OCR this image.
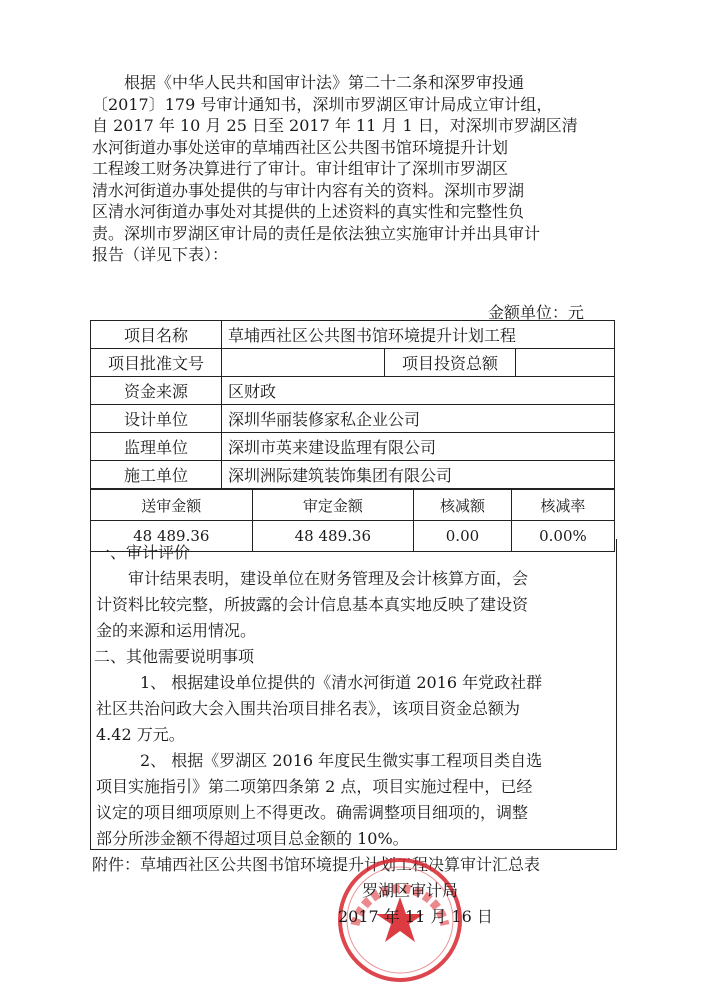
根据《中华人民共和国审计法》第二十二条和深罗审投通
〔2017〕179 号审计通知书，深圳市罗湖区审计局成立审计组，
自 2017 年 10 月 25 日至 2017 年 11 月 1 日，对深圳市罗湖区清
水河街道办事处送审的草埔西社区公共图书馆环境提升计划
工程竣工财务决算进行了审计。审计组审计了深圳市罗湖区
清水河街道办事处提供的与审计内容有关的资料。深圳市罗湖
区清水河街道办事处对其提供的上述资料的真实性和完整性负
责。深圳市罗湖区审计局的责任是依法独立实施审计并出具审计
报告（详见下表）：
金额单位：元
项目名称	草埔西社区公共图书馆环境提升计划工程		
项目批准文号		项目投资总额	
资金来源	区财政		
设计单位	深圳华丽装修家私企业公司		
监理单位	深圳市英来建设监理有限公司		
施工单位	深圳洲际建筑装饰集团有限公司		
送审金额	审定金额	核减额	核减率
48 489.36	48 489.36	0.00	0.00%
一、审计评价
审计结果表明，建设单位在财务管理及会计核算方面，会
计资料比较完整，所披露的会计信息基本真实地反映了建设资
金的来源和运用情况。
二、其他需要说明事项
1、 根据建设单位提供的《清水河街道 2016 年党政社群
社区共治问政大会入围共治项目排名表》，该项目资金总额为
4.42 万元。
2、 根据《罗湖区 2016 年度民生微实事工程项目类自选
项目实施指引》第二项第四条第 2 点，项目实施过程中，已经
议定的项目细项原则上不得更改。确需调整项目细项的，调整
部分所涉金额不得超过项目总金额的 10%。
附件：草埔西社区公共图书馆环境提升计划工程决算审计汇总表
罗湖区审计局
2017 年 11 月 16 日
